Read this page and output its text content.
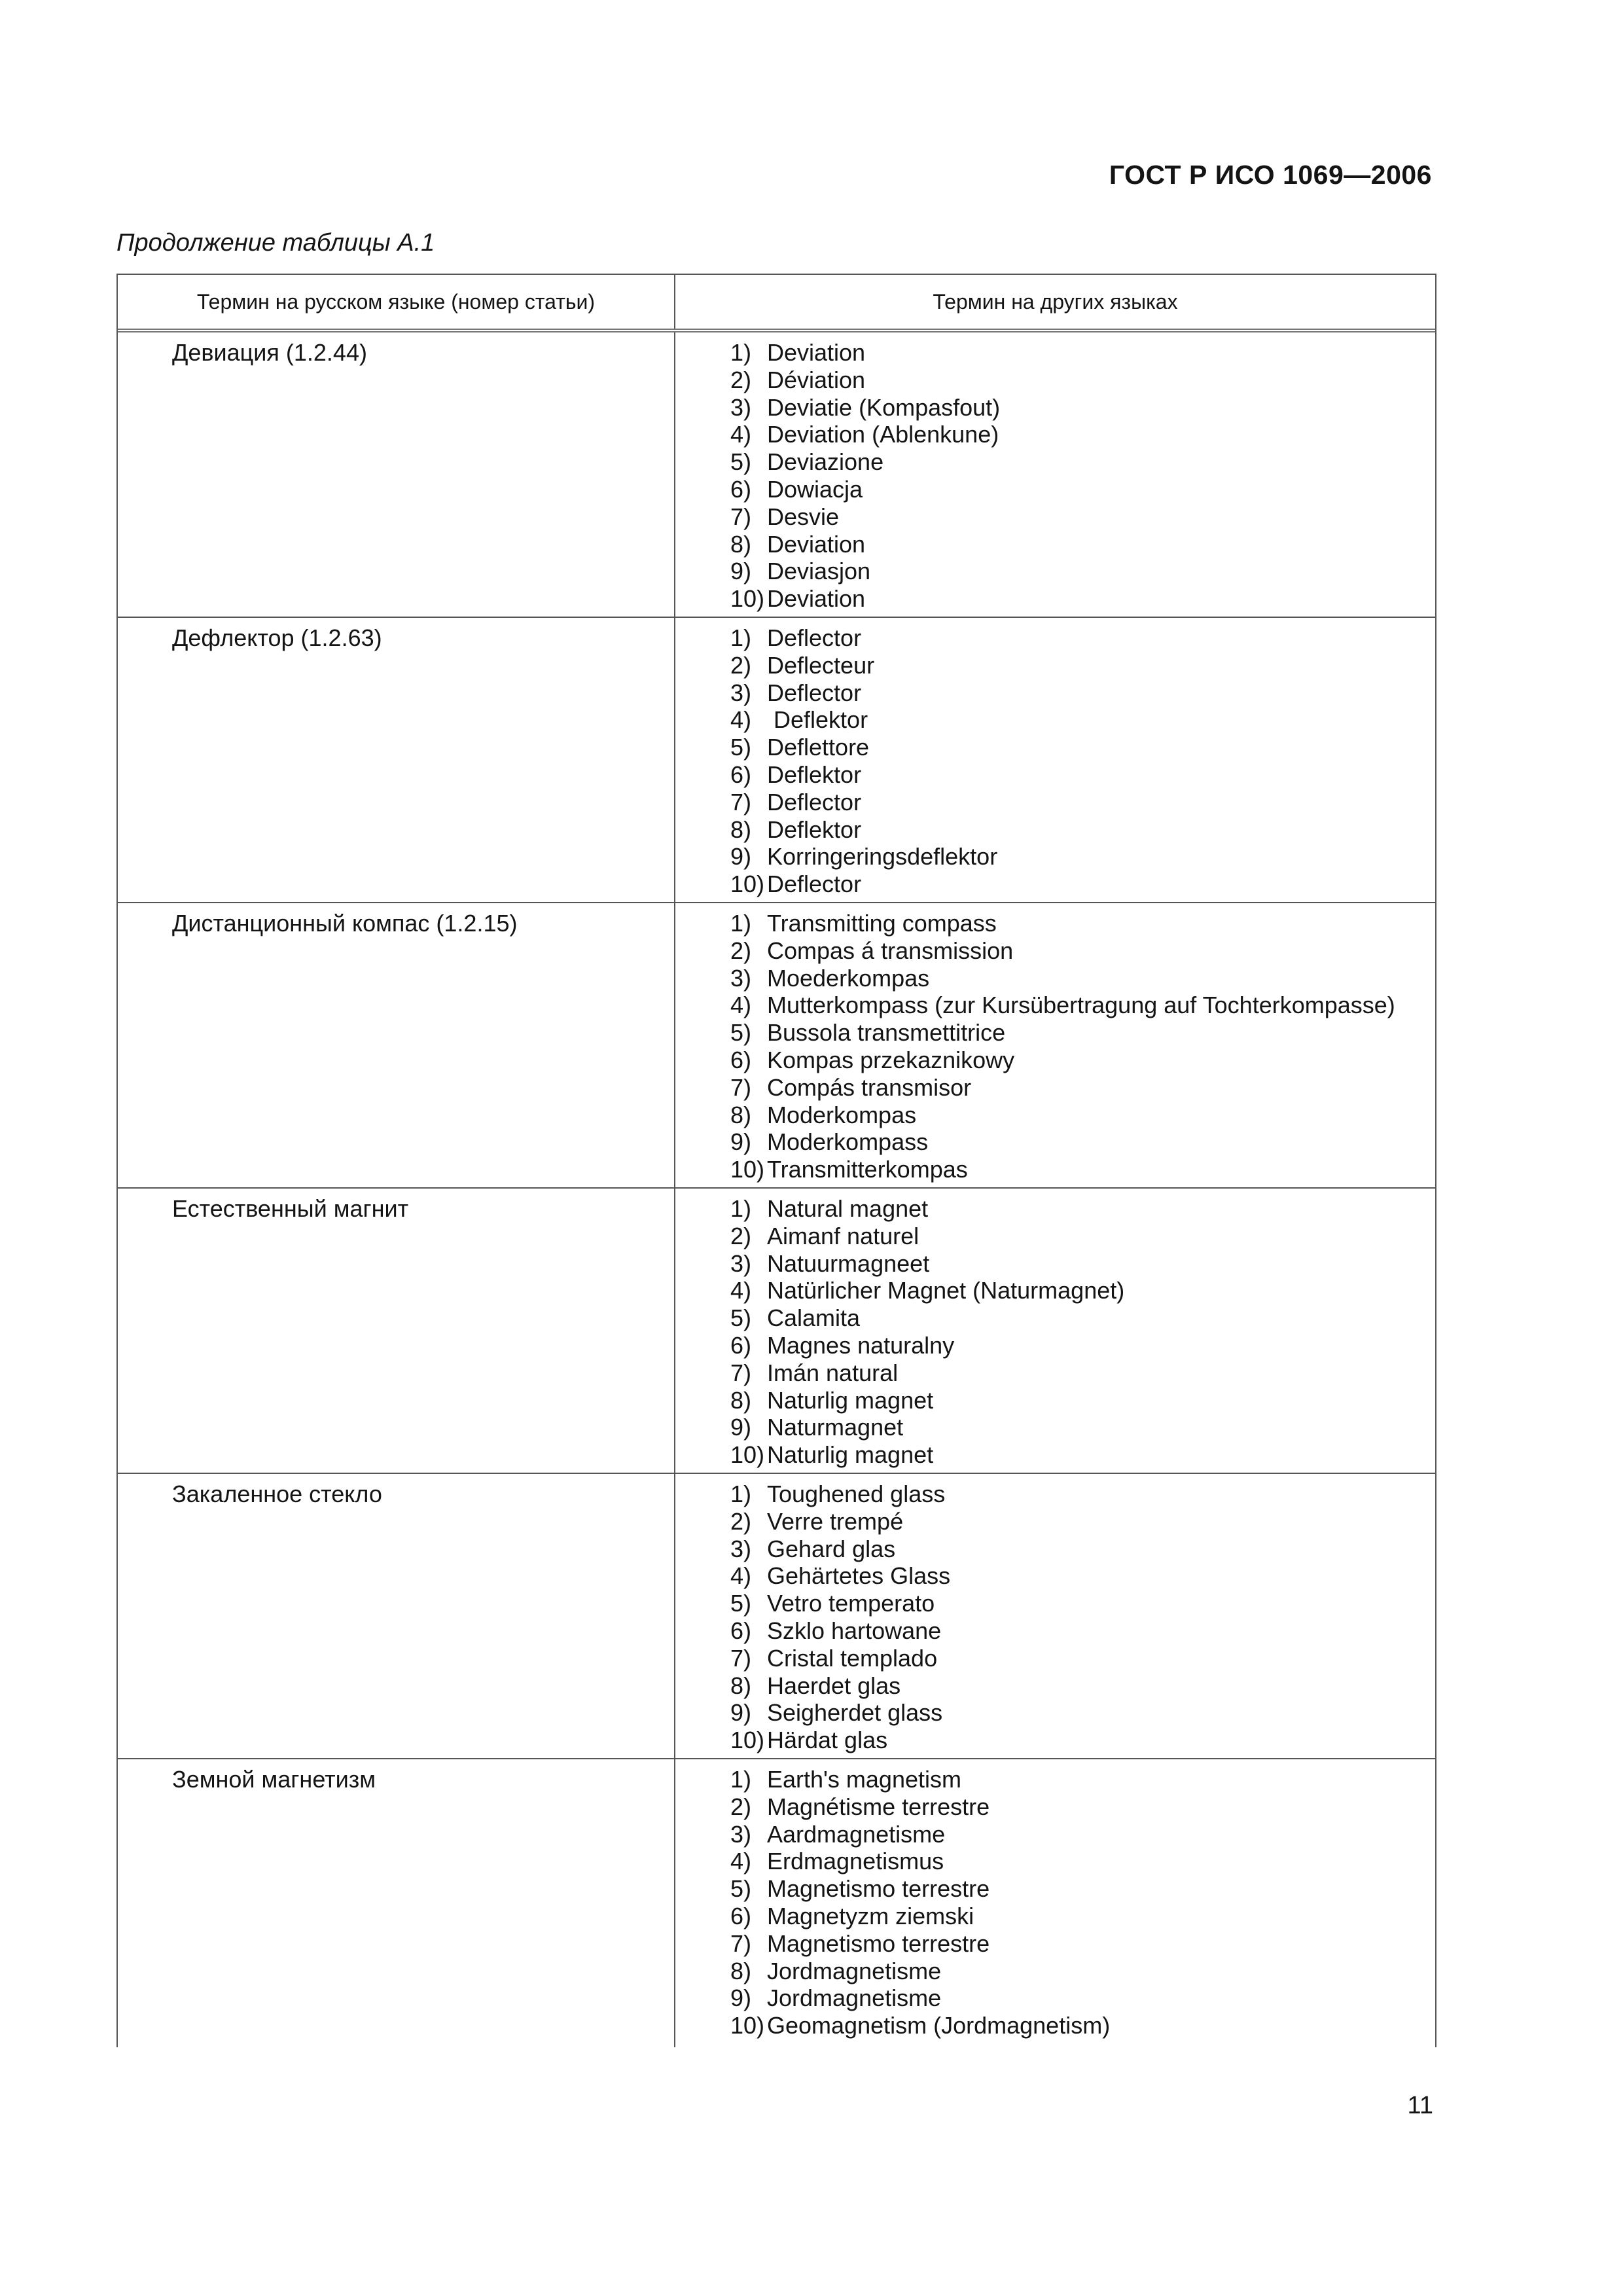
ГОСТ Р ИСО 1069—2006
Продолжение таблицы А.1
Термин на русском языке (номер статьи)	Термин на других языках
Девиация (1.2.44)	1) Deviation
2) Déviation
3) Deviatie (Kompasfout)
4) Deviation (Ablenkune)
5) Deviazione
6) Dowiacja
7) Desvie
8) Deviation
9) Deviasjon
10) Deviation
Дефлектор (1.2.63)	1) Deflector
2) Deflecteur
3) Deflector
4) Deflektor
5) Deflettore
6) Deflektor
7) Deflector
8) Deflektor
9) Korringeringsdeflektor
10) Deflector
Дистанционный компас (1.2.15)	1) Transmitting compass
2) Compas á transmission
3) Moederkompas
4) Mutterkompass (zur Kursübertragung auf Tochterkompasse)
5) Bussola transmettitrice
6) Kompas przekaznikowy
7) Compás transmisor
8) Moderkompas
9) Moderkompass
10) Transmitterkompas
Естественный магнит	1) Natural magnet
2) Aimanf naturel
3) Natuurmagneet
4) Natürlicher Magnet (Naturmagnet)
5) Calamita
6) Magnes naturalny
7) Imán natural
8) Naturlig magnet
9) Naturmagnet
10) Naturlig magnet
Закаленное стекло	1) Toughened glass
2) Verre trempé
3) Gehard glas
4) Gehärtetes Glass
5) Vetro temperato
6) Szklo hartowane
7) Cristal templado
8) Haerdet glas
9) Seigherdet glass
10) Härdat glas
Земной магнетизм	1) Earth's magnetism
2) Magnétisme terrestre
3) Aardmagnetisme
4) Erdmagnetismus
5) Magnetismo terrestre
6) Magnetyzm ziemski
7) Magnetismo terrestre
8) Jordmagnetisme
9) Jordmagnetisme
10) Geomagnetism (Jordmagnetism)
11
